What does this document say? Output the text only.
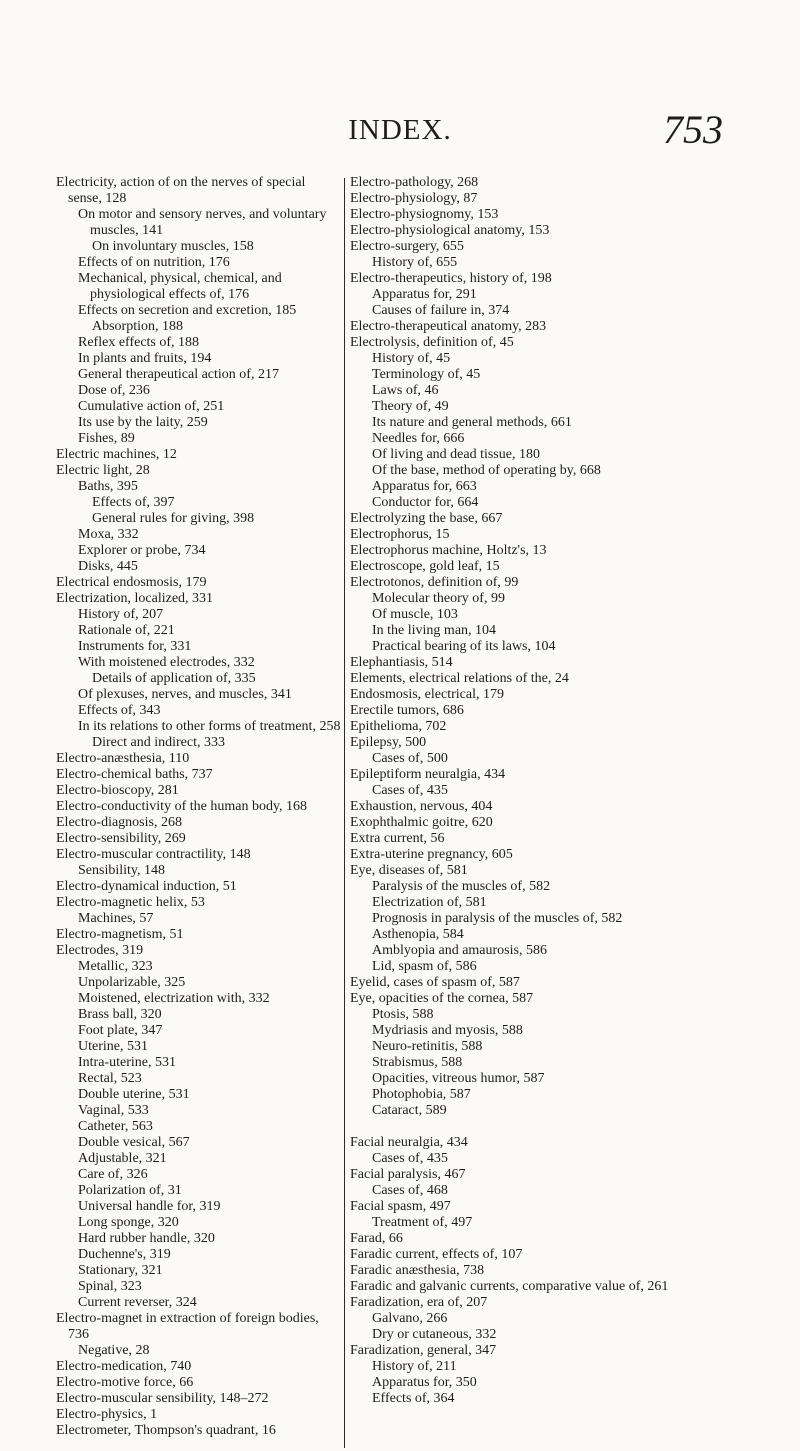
INDEX.	753

Electricity, action of on the nerves of special sense, 128

On motor and sensory nerves, and voluntary muscles, 141

On involuntary muscles, 158

Effects of on nutrition, 176

Mechanical, physical, chemical, and physiological effects of, 176

Effects on secretion and excretion, 185

Absorption, 188

Reflex effects of, 188

In plants and fruits, 194

General therapeutical action of, 217

Dose of, 236

Cumulative action of, 251

Its use by the laity, 259

Fishes, 89

Electric machines, 12

Electric light, 28

Baths, 395

Effects of, 397

General rules for giving, 398

Moxa, 332

Explorer or probe, 734

Disks, 445

Electrical endosmosis, 179

Electrization, localized, 331

History of, 207

Rationale of, 221

Instruments for, 331

With moistened electrodes, 332

Details of application of, 335

Of plexuses, nerves, and muscles, 341

Effects of, 343

In its relations to other forms of treatment, 258

Direct and indirect, 333

Electro-anæsthesia, 110

Electro-chemical baths, 737

Electro-bioscopy, 281

Electro-conductivity of the human body, 168

Electro-diagnosis, 268

Electro-sensibility, 269

Electro-muscular contractility, 148

Sensibility, 148

Electro-dynamical induction, 51

Electro-magnetic helix, 53

Machines, 57

Electro-magnetism, 51

Electrodes, 319

Metallic, 323

Unpolarizable, 325

Moistened, electrization with, 332

Brass ball, 320

Foot plate, 347

Uterine, 531

Intra-uterine, 531

Rectal, 523

Double uterine, 531

Vaginal, 533

Catheter, 563

Double vesical, 567

Adjustable, 321

Care of, 326

Polarization of, 31

Universal handle for, 319

Long sponge, 320

Hard rubber handle, 320

Duchenne's, 319

Stationary, 321

Spinal, 323

Current reverser, 324

Electro-magnet in extraction of foreign bodies, 736

Negative, 28

Electro-medication, 740

Electro-motive force, 66

Electro-muscular sensibility, 148–272

Electro-physics, 1

Electrometer, Thompson's quadrant, 16

Electro-pathology, 268

Electro-physiology, 87

Electro-physiognomy, 153

Electro-physiological anatomy, 153

Electro-surgery, 655

History of, 655

Electro-therapeutics, history of, 198

Apparatus for, 291

Causes of failure in, 374

Electro-therapeutical anatomy, 283

Electrolysis, definition of, 45

History of, 45

Terminology of, 45

Laws of, 46

Theory of, 49

Its nature and general methods, 661

Needles for, 666

Of living and dead tissue, 180

Of the base, method of operating by, 668

Apparatus for, 663

Conductor for, 664

Electrolyzing the base, 667

Electrophorus, 15

Electrophorus machine, Holtz's, 13

Electroscope, gold leaf, 15

Electrotonos, definition of, 99

Molecular theory of, 99

Of muscle, 103

In the living man, 104

Practical bearing of its laws, 104

Elephantiasis, 514

Elements, electrical relations of the, 24

Endosmosis, electrical, 179

Erectile tumors, 686

Epithelioma, 702

Epilepsy, 500

Cases of, 500

Epileptiform neuralgia, 434

Cases of, 435

Exhaustion, nervous, 404

Exophthalmic goitre, 620

Extra current, 56

Extra-uterine pregnancy, 605

Eye, diseases of, 581

Paralysis of the muscles of, 582

Electrization of, 581

Prognosis in paralysis of the muscles of, 582

Asthenopia, 584

Amblyopia and amaurosis, 586

Lid, spasm of, 586

Eyelid, cases of spasm of, 587

Eye, opacities of the cornea, 587

Ptosis, 588

Mydriasis and myosis, 588

Neuro-retinitis, 588

Strabismus, 588

Opacities, vitreous humor, 587

Photophobia, 587

Cataract, 589

Facial neuralgia, 434

Cases of, 435

Facial paralysis, 467

Cases of, 468

Facial spasm, 497

Treatment of, 497

Farad, 66

Faradic current, effects of, 107

Faradic anæsthesia, 738

Faradic and galvanic currents, comparative value of, 261

Faradization, era of, 207

Galvano, 266

Dry or cutaneous, 332

Faradization, general, 347

History of, 211

Apparatus for, 350

Effects of, 364
